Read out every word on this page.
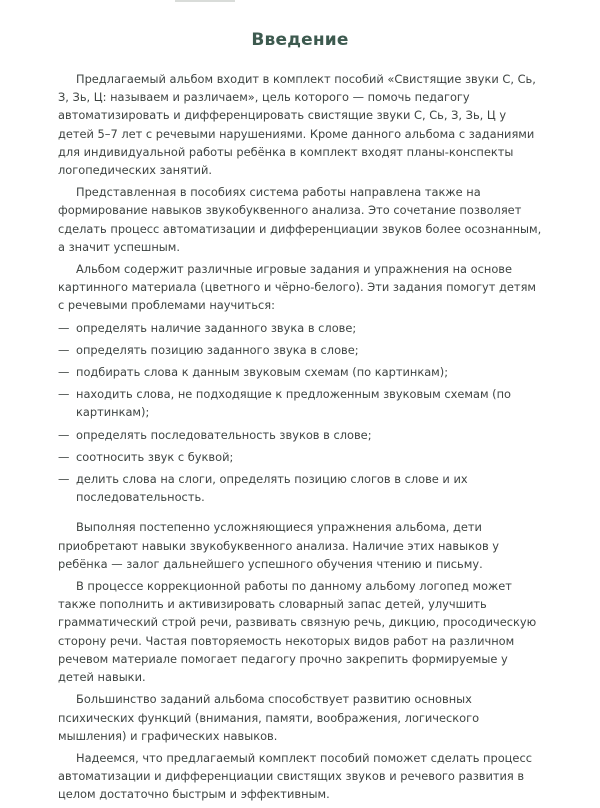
Введение

Предлагаемый альбом входит в комплект пособий «Свистящие звуки С, Сь, З, Зь, Ц: называем и различаем», цель которого — помочь педагогу автоматизировать и дифференцировать свистящие звуки С, Сь, З, Зь, Ц у детей 5–7 лет с речевыми нарушениями. Кроме данного альбома с заданиями для индивидуальной работы ребёнка в комплект входят планы-конспекты логопедических занятий.

Представленная в пособиях система работы направлена также на формирование навыков звукобуквенного анализа. Это сочетание позволяет сделать процесс автоматизации и дифференциации звуков более осознанным, а значит успешным.

Альбом содержит различные игровые задания и упражнения на основе картинного материала (цветного и чёрно-белого). Эти задания помогут детям с речевыми проблемами научиться:

— определять наличие заданного звука в слове;
— определять позицию заданного звука в слове;
— подбирать слова к данным звуковым схемам (по картинкам);
— находить слова, не подходящие к предложенным звуковым схемам (по картинкам);
— определять последовательность звуков в слове;
— соотносить звук с буквой;
— делить слова на слоги, определять позицию слогов в слове и их последовательность.

Выполняя постепенно усложняющиеся упражнения альбома, дети приобретают навыки звукобуквенного анализа. Наличие этих навыков у ребёнка — залог дальнейшего успешного обучения чтению и письму.

В процессе коррекционной работы по данному альбому логопед может также пополнить и активизировать словарный запас детей, улучшить грамматический строй речи, развивать связную речь, дикцию, просодическую сторону речи. Частая повторяемость некоторых видов работ на различном речевом материале помогает педагогу прочно закрепить формируемые у детей навыки.

Большинство заданий альбома способствует развитию основных психических функций (внимания, памяти, воображения, логического мышления) и графических навыков.

Надеемся, что предлагаемый комплект пособий поможет сделать процесс автоматизации и дифференциации свистящих звуков и речевого развития в целом достаточно быстрым и эффективным.
